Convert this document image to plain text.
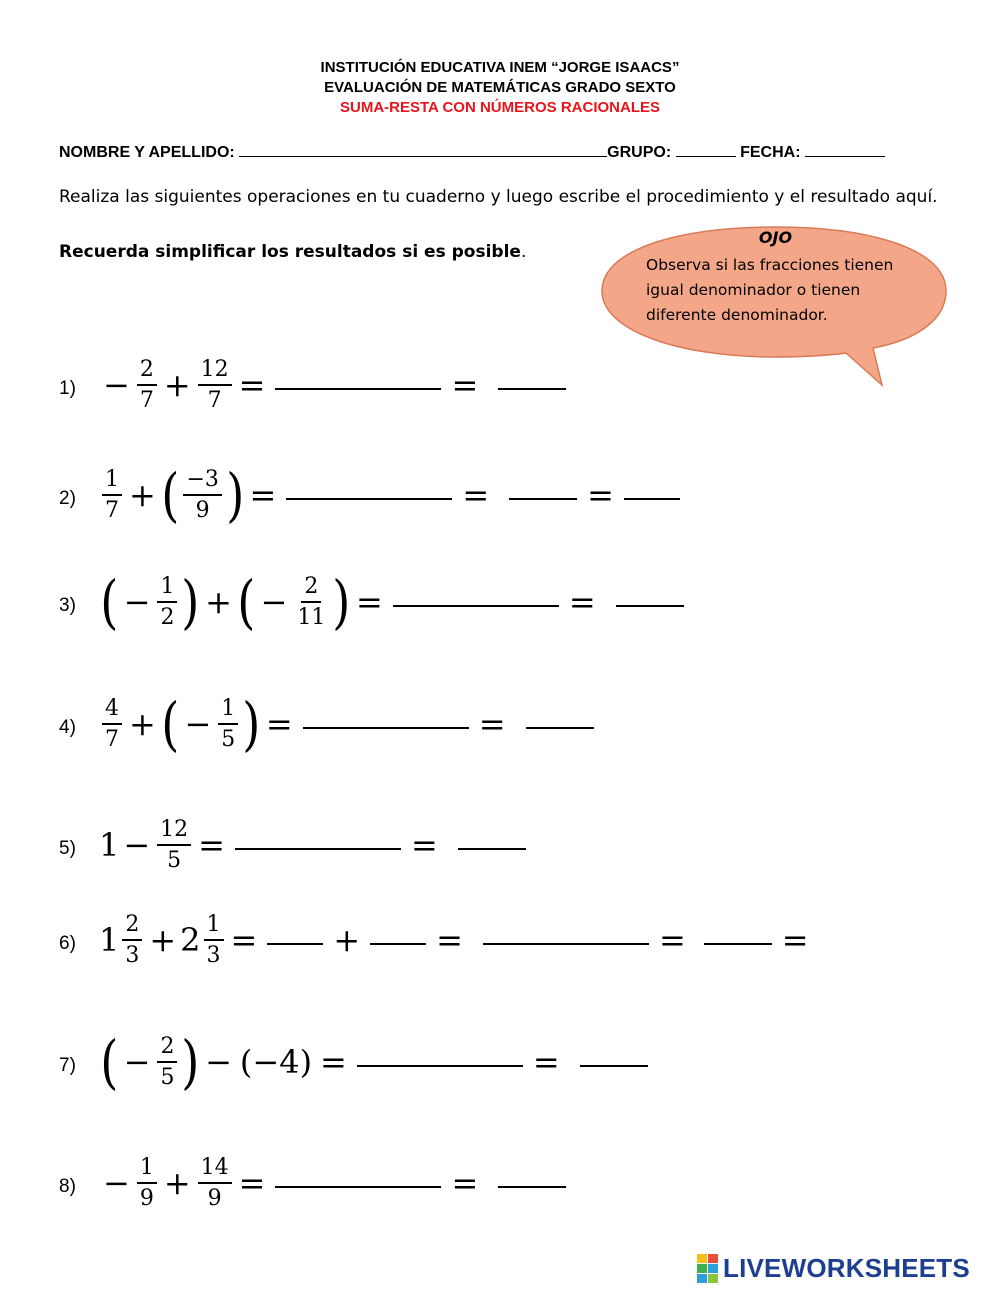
INSTITUCIÓN EDUCATIVA INEM “JORGE ISAACS”
EVALUACIÓN DE MATEMÁTICAS GRADO SEXTO
SUMA-RESTA CON NÚMEROS RACIONALES
NOMBRE Y APELLIDO:	GRUPO:	FECHA:
Realiza las siguientes operaciones en tu cuaderno y luego escribe el procedimiento y el resultado aquí.
Recuerda simplificar los resultados si es posible.
OJO
Observa si las fracciones tienen igual denominador o tienen diferente denominador.
$1) - \frac{2}{7} + \frac{12}{7}$ =	=
2)	$\frac{1}{7}$ + ( $\frac{-3}{9}$ ) =	=	=
3) ( − $\frac{1}{2}$ ) + ( − $\frac{2}{11}$ ) =	=
4)	$\frac{4}{7}$ + ( − $\frac{1}{5}$ ) =	=
5) $1 - \frac{12}{5}$ =	=
6) $1 \frac{2}{3} + 2 \frac{1}{3}$ = + =	=	=
7) ( − $\frac{2}{5}$ ) − (−4) =	=
$8) - \frac{1}{9} + \frac{14}{9}$ =	=
LIVEWORKSHEETS
